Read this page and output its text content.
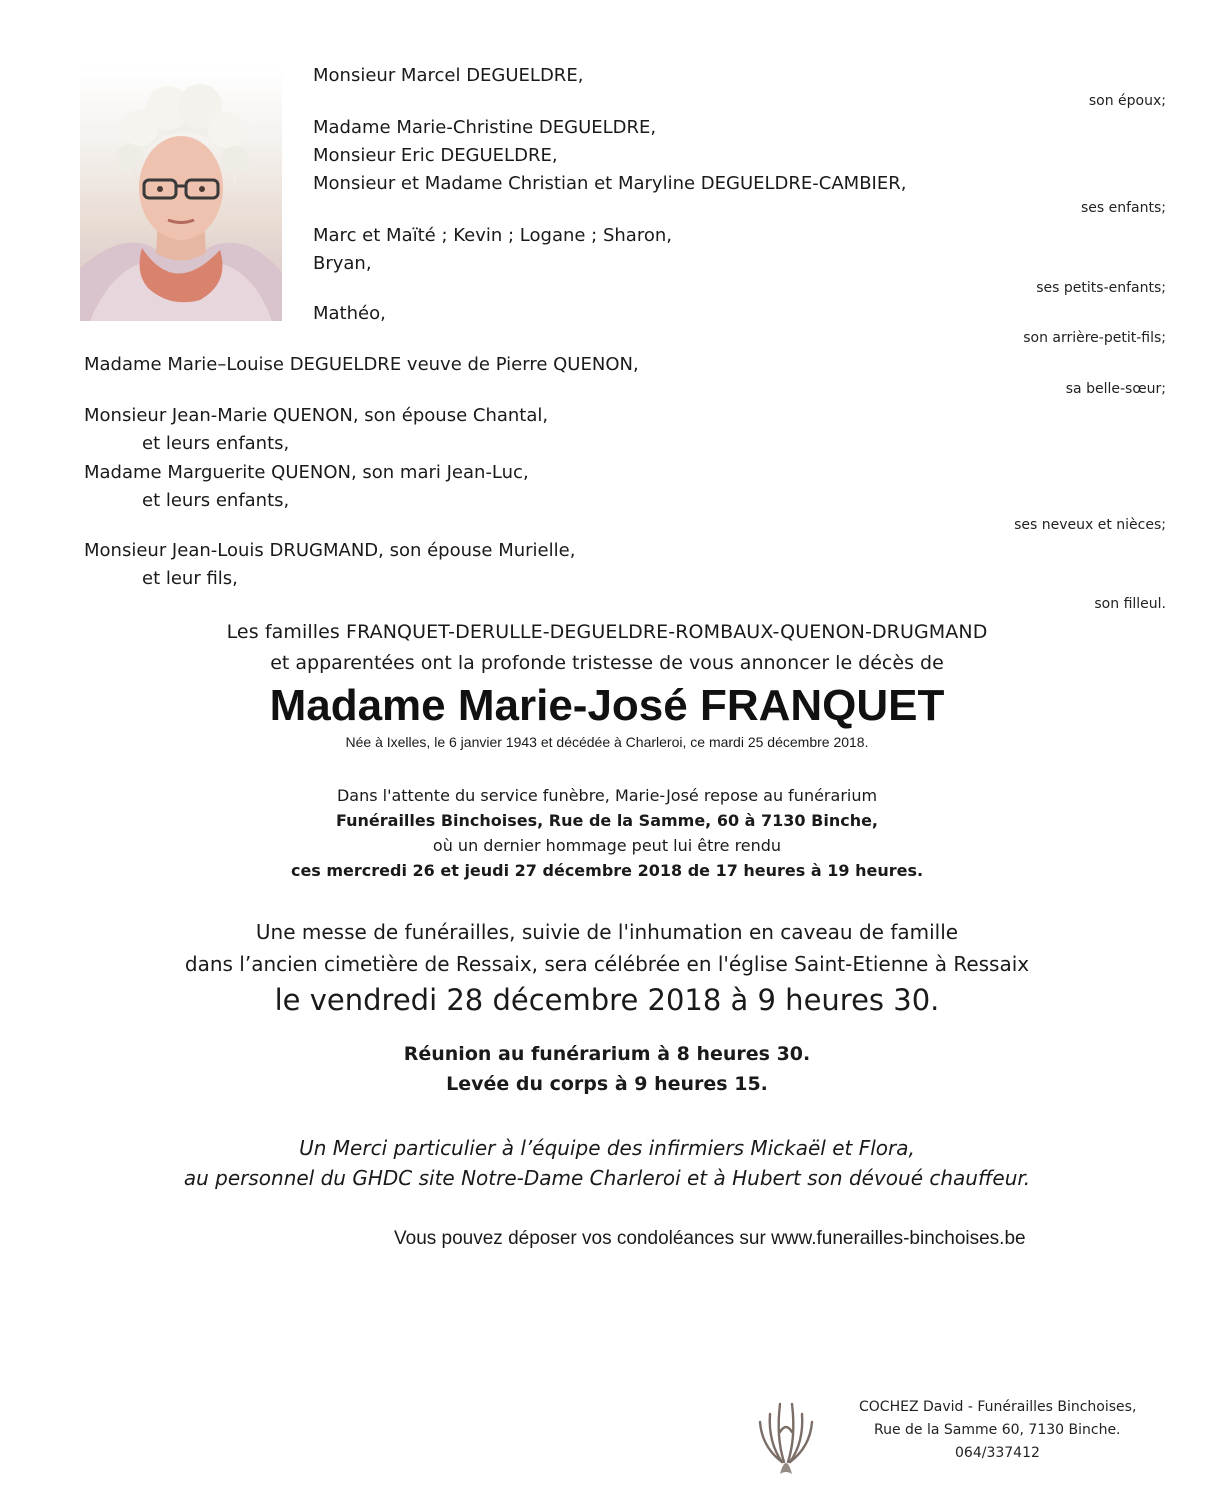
Monsieur Marcel DEGUELDRE,
Madame Marie-Christine DEGUELDRE,
Monsieur Eric DEGUELDRE,
Monsieur et Madame Christian et Maryline DEGUELDRE-CAMBIER,
Marc et Maïté ; Kevin ; Logane ; Sharon,
Bryan,
Mathéo,
Madame Marie–Louise DEGUELDRE veuve de Pierre QUENON,
Monsieur Jean-Marie QUENON, son épouse Chantal,
et leurs enfants,
Madame Marguerite QUENON, son mari Jean-Luc,
et leurs enfants,
Monsieur Jean-Louis DRUGMAND, son épouse Murielle,
et leur fils,
son époux;
ses enfants;
ses petits-enfants;
son arrière-petit-fils;
sa belle-sœur;
ses neveux et nièces;
son filleul.
Les familles FRANQUET-DERULLE-DEGUELDRE-ROMBAUX-QUENON-DRUGMAND
et apparentées ont la profonde tristesse de vous annoncer le décès de
Madame Marie-José FRANQUET
Née à Ixelles, le 6 janvier 1943 et décédée à Charleroi, ce mardi 25 décembre 2018.
Dans l'attente du service funèbre, Marie-José repose au funérarium
Funérailles Binchoises, Rue de la Samme, 60 à 7130 Binche,
où un dernier hommage peut lui être rendu
ces mercredi 26 et jeudi 27 décembre 2018 de 17 heures à 19 heures.
Une messe de funérailles, suivie de l'inhumation en caveau de famille
dans l’ancien cimetière de Ressaix, sera célébrée en l'église Saint-Etienne à Ressaix
le vendredi 28 décembre 2018 à 9 heures 30.
Réunion au funérarium à 8 heures 30.
Levée du corps à 9 heures 15.
Un Merci particulier à l’équipe des infirmiers Mickaël et Flora,
au personnel du GHDC site Notre-Dame Charleroi et à Hubert son dévoué chauffeur.
Vous pouvez déposer vos condoléances sur www.funerailles-binchoises.be
COCHEZ David - Funérailles Binchoises,
Rue de la Samme 60, 7130 Binche.
064/337412
